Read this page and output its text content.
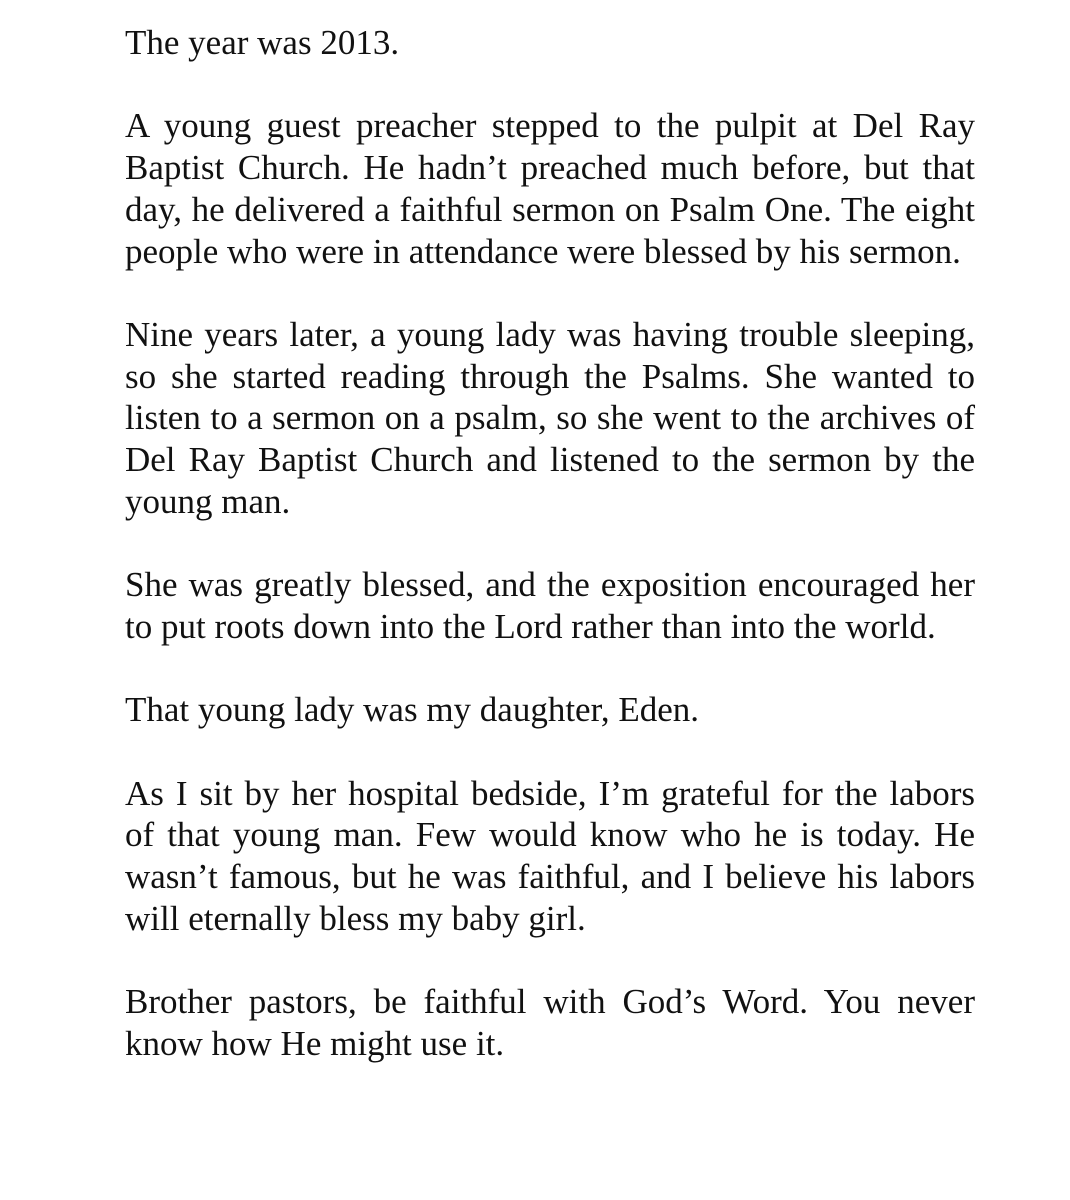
The year was 2013.

A young guest preacher stepped to the pulpit at Del Ray Baptist Church. He hadn’t preached much before, but that day, he delivered a faithful sermon on Psalm One. The eight people who were in attendance were blessed by his sermon.

Nine years later, a young lady was having trouble sleeping, so she started reading through the Psalms. She wanted to listen to a sermon on a psalm, so she went to the archives of Del Ray Baptist Church and listened to the sermon by the young man.

She was greatly blessed, and the exposition encouraged her to put roots down into the Lord rather than into the world.

That young lady was my daughter, Eden.

As I sit by her hospital bedside, I’m grateful for the labors of that young man. Few would know who he is today. He wasn’t famous, but he was faithful, and I believe his labors will eternally bless my baby girl.

Brother pastors, be faithful with God’s Word. You never know how He might use it.
